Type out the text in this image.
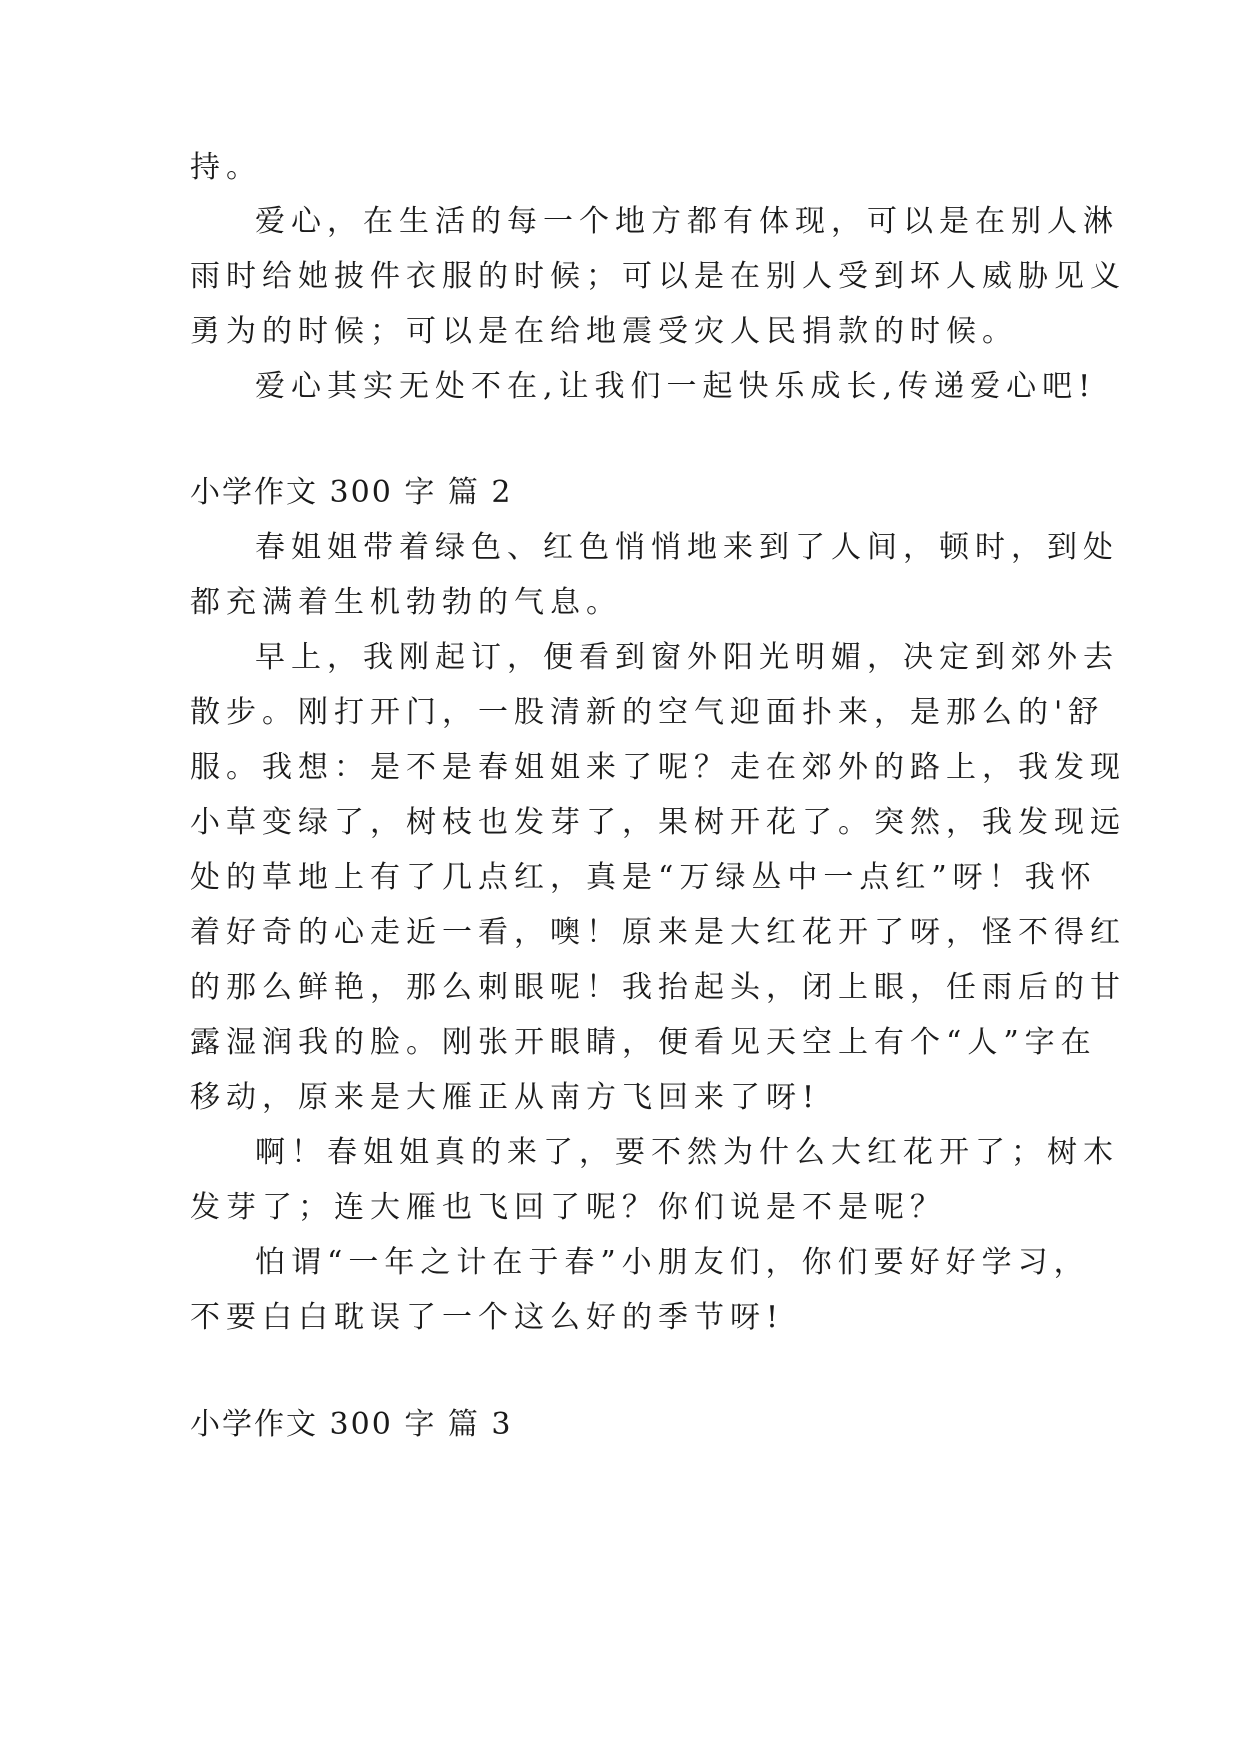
持。
爱心，在生活的每一个地方都有体现，可以是在别人淋
雨时给她披件衣服的时候；可以是在别人受到坏人威胁见义
勇为的时候；可以是在给地震受灾人民捐款的时候。
爱心其实无处不在,让我们一起快乐成长,传递爱心吧!
小学作文 300 字 篇 2
春姐姐带着绿色、红色悄悄地来到了人间，顿时，到处
都充满着生机勃勃的气息。
早上，我刚起订，便看到窗外阳光明媚，决定到郊外去
散步。刚打开门，一股清新的空气迎面扑来，是那么的'舒
服。我想：是不是春姐姐来了呢？走在郊外的路上，我发现
小草变绿了，树枝也发芽了，果树开花了。突然，我发现远
处的草地上有了几点红，真是“万绿丛中一点红”呀！我怀
着好奇的心走近一看，噢！原来是大红花开了呀，怪不得红
的那么鲜艳，那么刺眼呢！我抬起头，闭上眼，任雨后的甘
露湿润我的脸。刚张开眼睛，便看见天空上有个“人”字在
移动，原来是大雁正从南方飞回来了呀!
啊！春姐姐真的来了，要不然为什么大红花开了；树木
发芽了；连大雁也飞回了呢？你们说是不是呢？
怕谓“一年之计在于春”小朋友们，你们要好好学习，
不要白白耽误了一个这么好的季节呀!
小学作文 300 字 篇 3
